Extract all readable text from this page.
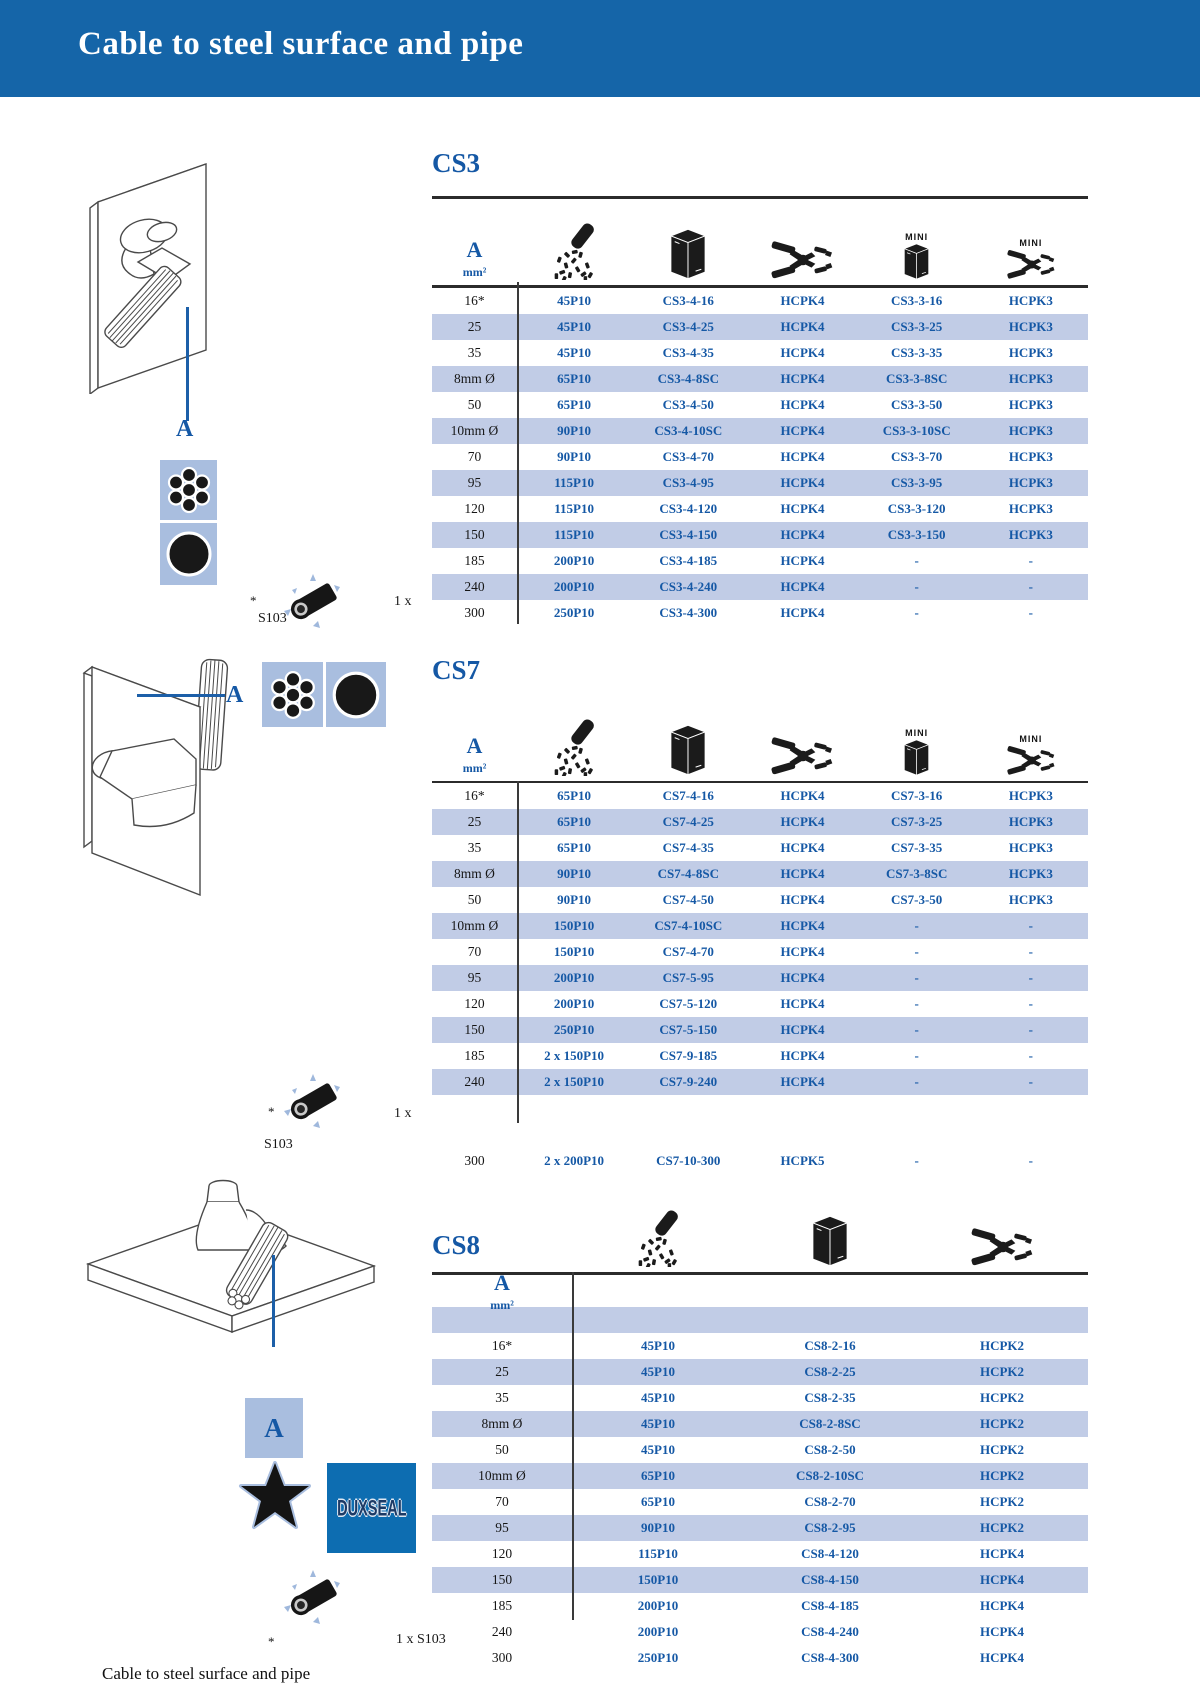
Cable to steel surface and pipe
A
*
S103
1 x
A
*
S103
1 x
A
DUXSEAL
*	1 x S103
CS3
A
mm²
MINI
MINI
16*	45P10	CS3-4-16	HCPK4	CS3-3-16	HCPK3
25	45P10	CS3-4-25	HCPK4	CS3-3-25	HCPK3
35	45P10	CS3-4-35	HCPK4	CS3-3-35	HCPK3
8mm Ø	65P10	CS3-4-8SC	HCPK4	CS3-3-8SC	HCPK3
50	65P10	CS3-4-50	HCPK4	CS3-3-50	HCPK3
10mm Ø	90P10	CS3-4-10SC	HCPK4	CS3-3-10SC	HCPK3
70	90P10	CS3-4-70	HCPK4	CS3-3-70	HCPK3
95	115P10	CS3-4-95	HCPK4	CS3-3-95	HCPK3
120	115P10	CS3-4-120	HCPK4	CS3-3-120	HCPK3
150	115P10	CS3-4-150	HCPK4	CS3-3-150	HCPK3
185	200P10	CS3-4-185	HCPK4	-	-
240	200P10	CS3-4-240	HCPK4	-	-
300	250P10	CS3-4-300	HCPK4	-	-
CS7
A
mm²
MINI
MINI
16*	65P10	CS7-4-16	HCPK4	CS7-3-16	HCPK3
25	65P10	CS7-4-25	HCPK4	CS7-3-25	HCPK3
35	65P10	CS7-4-35	HCPK4	CS7-3-35	HCPK3
8mm Ø	90P10	CS7-4-8SC	HCPK4	CS7-3-8SC	HCPK3
50	90P10	CS7-4-50	HCPK4	CS7-3-50	HCPK3
10mm Ø	150P10	CS7-4-10SC	HCPK4	-	-
70	150P10	CS7-4-70	HCPK4	-	-
95	200P10	CS7-5-95	HCPK4	-	-
120	200P10	CS7-5-120	HCPK4	-	-
150	250P10	CS7-5-150	HCPK4	-	-
185	2 x 150P10	CS7-9-185	HCPK4	-	-
240	2 x 150P10	CS7-9-240	HCPK4	-	-
300	2 x 200P10	CS7-10-300	HCPK5	-	-
CS8
A
mm²
16*	45P10	CS8-2-16	HCPK2
25	45P10	CS8-2-25	HCPK2
35	45P10	CS8-2-35	HCPK2
8mm Ø	45P10	CS8-2-8SC	HCPK2
50	45P10	CS8-2-50	HCPK2
10mm Ø	65P10	CS8-2-10SC	HCPK2
70	65P10	CS8-2-70	HCPK2
95	90P10	CS8-2-95	HCPK2
120	115P10	CS8-4-120	HCPK4
150	150P10	CS8-4-150	HCPK4
185	200P10	CS8-4-185	HCPK4
240	200P10	CS8-4-240	HCPK4
300	250P10	CS8-4-300	HCPK4
Cable to steel surface and pipe
